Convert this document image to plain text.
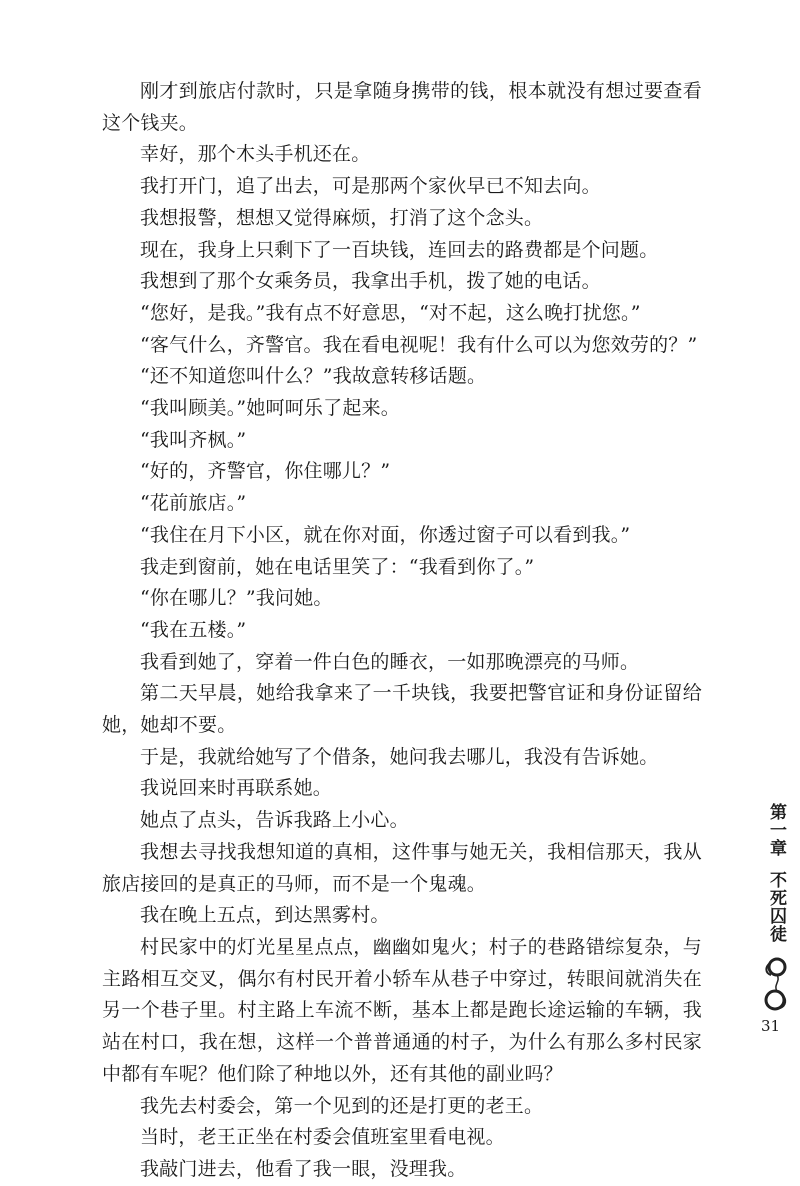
刚才到旅店付款时，只是拿随身携带的钱，根本就没有想过要查看这个钱夹。

幸好，那个木头手机还在。

我打开门，追了出去，可是那两个家伙早已不知去向。

我想报警，想想又觉得麻烦，打消了这个念头。

现在，我身上只剩下了一百块钱，连回去的路费都是个问题。

我想到了那个女乘务员，我拿出手机，拨了她的电话。

“您好，是我。”我有点不好意思，“对不起，这么晚打扰您。”

“客气什么，齐警官。我在看电视呢！我有什么可以为您效劳的？”

“还不知道您叫什么？”我故意转移话题。

“我叫顾美。”她呵呵乐了起来。

“我叫齐枫。”

“好的，齐警官，你住哪儿？”

“花前旅店。”

“我住在月下小区，就在你对面，你透过窗子可以看到我。”

我走到窗前，她在电话里笑了：“我看到你了。”

“你在哪儿？”我问她。

“我在五楼。”

我看到她了，穿着一件白色的睡衣，一如那晚漂亮的马师。

第二天早晨，她给我拿来了一千块钱，我要把警官证和身份证留给她，她却不要。

于是，我就给她写了个借条，她问我去哪儿，我没有告诉她。

我说回来时再联系她。

她点了点头，告诉我路上小心。

我想去寻找我想知道的真相，这件事与她无关，我相信那天，我从旅店接回的是真正的马师，而不是一个鬼魂。

我在晚上五点，到达黑雾村。

村民家中的灯光星星点点，幽幽如鬼火；村子的巷路错综复杂，与主路相互交叉，偶尔有村民开着小轿车从巷子中穿过，转眼间就消失在另一个巷子里。村主路上车流不断，基本上都是跑长途运输的车辆，我站在村口，我在想，这样一个普普通通的村子，为什么有那么多村民家中都有车呢？他们除了种地以外，还有其他的副业吗？

我先去村委会，第一个见到的还是打更的老王。

当时，老王正坐在村委会值班室里看电视。

我敲门进去，他看了我一眼，没理我。

第一章
不死囚徒
31
